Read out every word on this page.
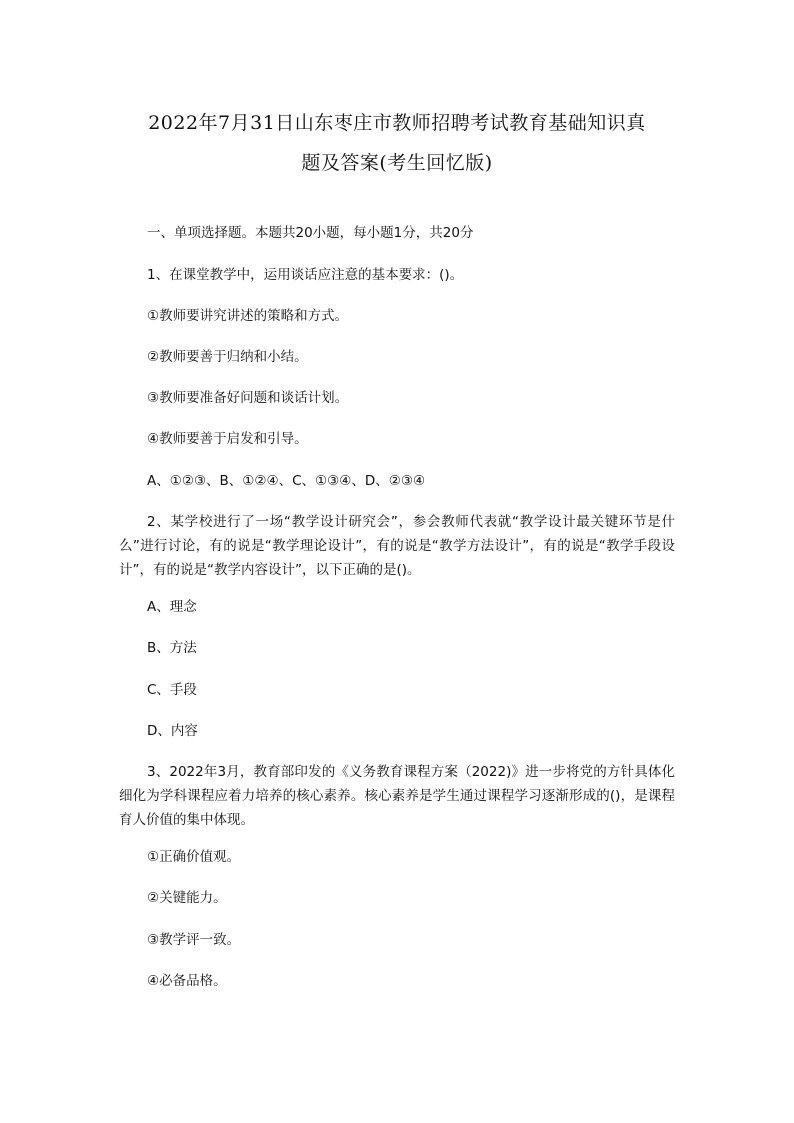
2022年7月31日山东枣庄市教师招聘考试教育基础知识真
题及答案(考生回忆版)
一、单项选择题。本题共20小题，每小题1分，共20分
1、在课堂教学中，运用谈话应注意的基本要求：()。
①教师要讲究讲述的策略和方式。
②教师要善于归纳和小结。
③教师要准备好问题和谈话计划。
④教师要善于启发和引导。
A、①②③、B、①②④、C、①③④、D、②③④
2、某学校进行了一场“教学设计研究会”，参会教师代表就“教学设计最关键环节是什么”进行讨论，有的说是“教学理论设计”，有的说是“教学方法设计”，有的说是“教学手段设计”，有的说是“教学内容设计”，以下正确的是()。
A、理念
B、方法
C、手段
D、内容
3、2022年3月，教育部印发的《义务教育课程方案（2022)》进一步将党的方针具体化细化为学科课程应着力培养的核心素养。核心素养是学生通过课程学习逐渐形成的()，是课程育人价值的集中体现。
①正确价值观。
②关键能力。
③教学评一致。
④必备品格。
